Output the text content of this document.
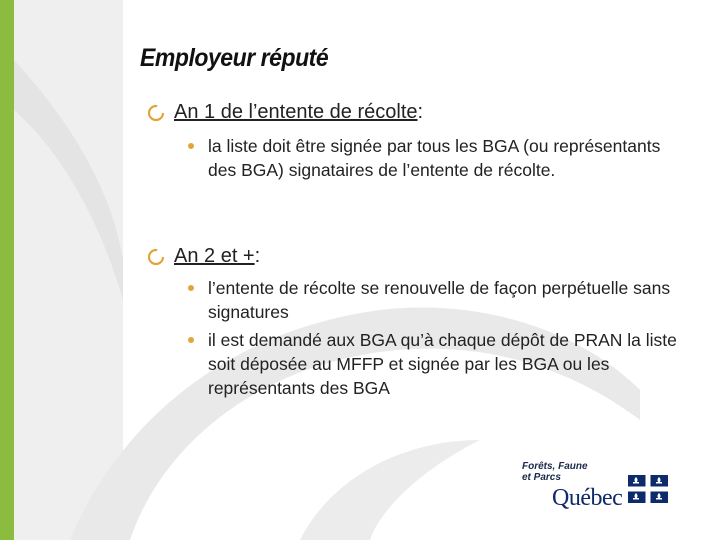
Employeur réputé
An 1 de l’entente de récolte :
la liste doit être signée par tous les BGA (ou représentants des BGA) signataires de l’entente de récolte.
An 2 et + :
l’entente de récolte se renouvelle de façon perpétuelle sans signatures
il est demandé aux BGA qu’à chaque dépôt de PRAN la liste soit déposée au MFFP et signée par les BGA ou les représentants des BGA
Forêts, Faune
et Parcs
Québec
